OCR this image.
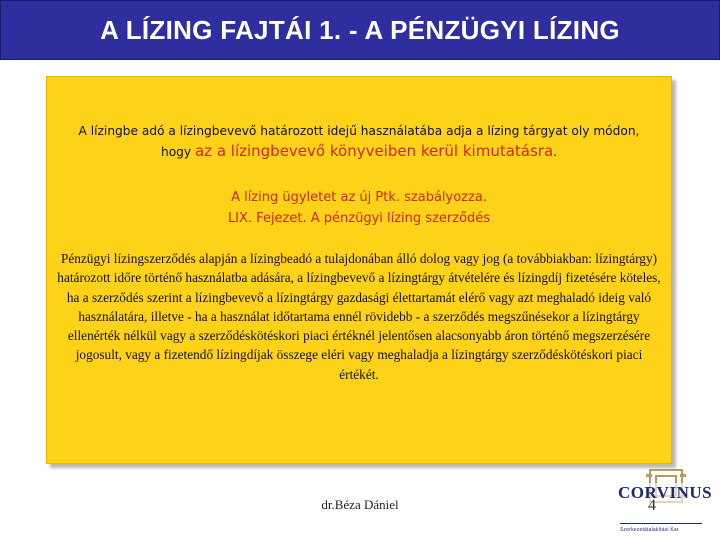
A LÍZING FAJTÁI 1. - A PÉNZÜGYI LÍZING
A lízingbe adó a lízingbevevő határozott idejű használatába adja a lízing tárgyat oly módon,
hogy az a lízingbevevő könyveiben kerül kimutatásra.
A lízing ügyletet az új Ptk. szabályozza.
LIX. Fejezet. A pénzügyi lízing szerződés
Pénzügyi lízingszerződés alapján a lízingbeadó a tulajdonában álló dolog vagy jog (a továbbiakban: lízingtárgy) határozott időre történő használatba adására, a lízingbevevő a lízingtárgy átvételére és lízingdíj fizetésére köteles, ha a szerződés szerint a lízingbevevő a lízingtárgy gazdasági élettartamát elérő vagy azt meghaladó ideig való használatára, illetve - ha a használat időtartama ennél rövidebb - a szerződés megszűnésekor a lízingtárgy ellenérték nélkül vagy a szerződéskötéskori piaci értéknél jelentősen alacsonyabb áron történő megszerzésére jogosult, vagy a fizetendő lízingdíjak összege eléri vagy meghaladja a lízingtárgy szerződéskötéskori piaci értékét.
dr.Béza Dániel
CORVINUS
Szerkezetátalakítási Kar
4
